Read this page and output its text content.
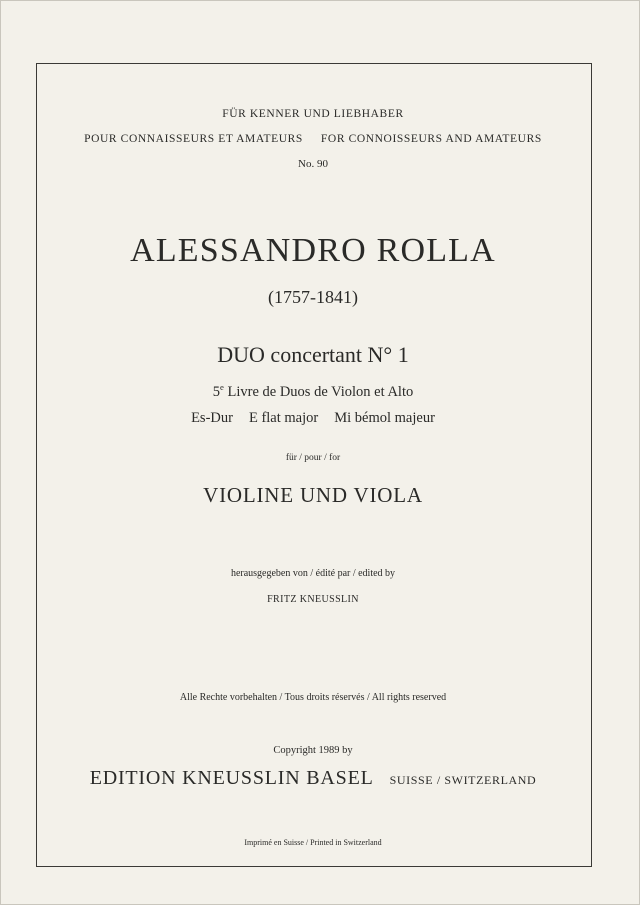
FÜR KENNER UND LIEBHABER
POUR CONNAISSEURS ET AMATEURS FOR CONNOISSEURS AND AMATEURS
No. 90
ALESSANDRO ROLLA
(1757-1841)
DUO concertant N° 1
5e Livre de Duos de Violon et Alto
Es-Dur E flat major Mi bémol majeur
für / pour / for
VIOLINE UND VIOLA
herausgegeben von / édité par / edited by
FRITZ KNEUSSLIN
Alle Rechte vorbehalten / Tous droits réservés / All rights reserved
Copyright 1989 by
EDITION KNEUSSLIN BASEL SUISSE / SWITZERLAND
Imprimé en Suisse / Printed in Switzerland
